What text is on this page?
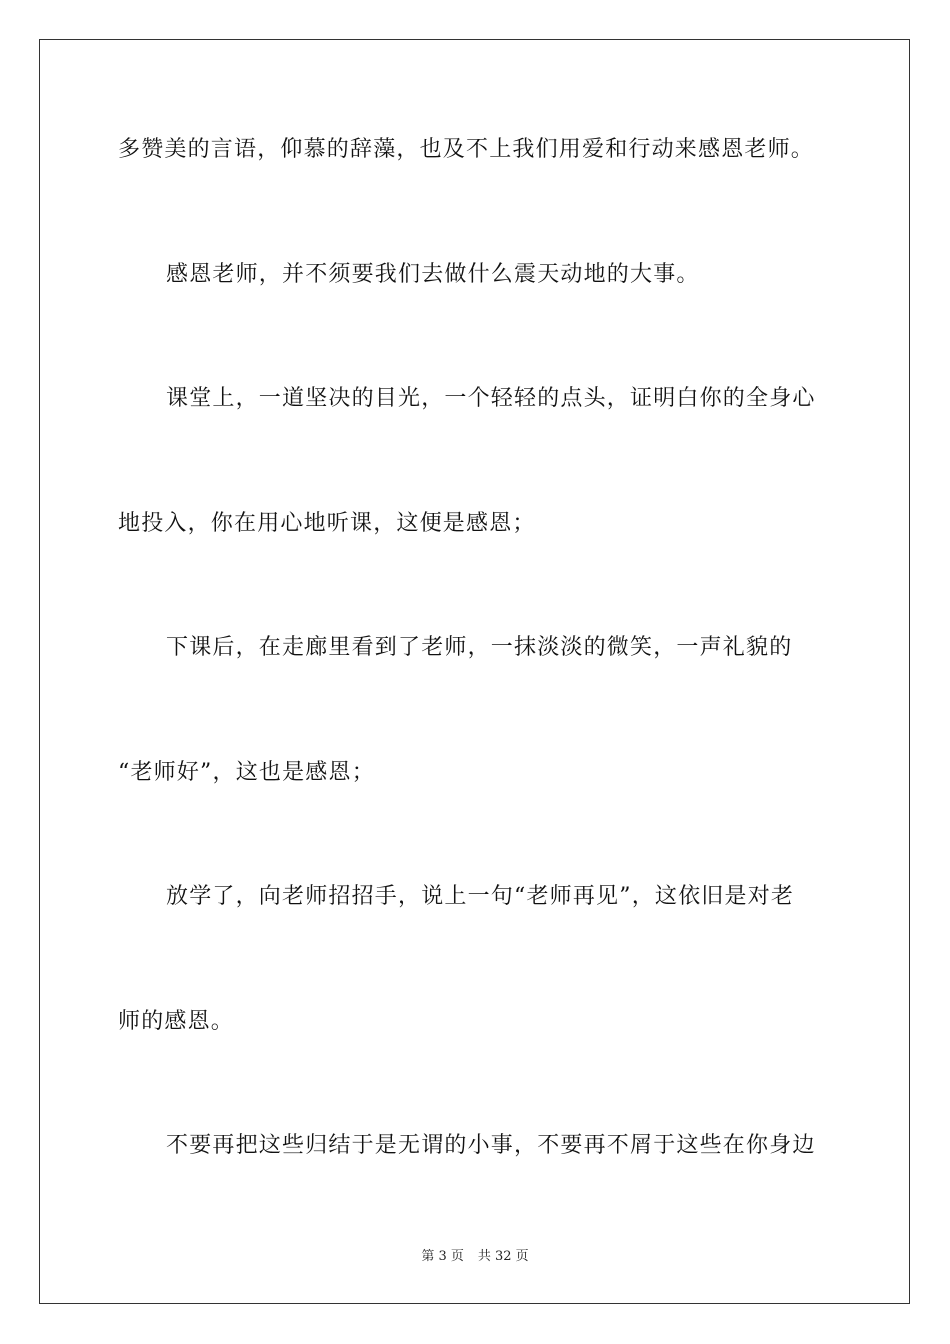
多赞美的言语，仰慕的辞藻，也及不上我们用爱和行动来感恩老师。
感恩老师，并不须要我们去做什么震天动地的大事。
课堂上，一道坚决的目光，一个轻轻的点头，证明白你的全身心
地投入，你在用心地听课，这便是感恩；
下课后，在走廊里看到了老师，一抹淡淡的微笑，一声礼貌的
“老师好”，这也是感恩；
放学了，向老师招招手，说上一句“老师再见”，这依旧是对老
师的感恩。
不要再把这些归结于是无谓的小事，不要再不屑于这些在你身边
第 3 页 共 32 页
